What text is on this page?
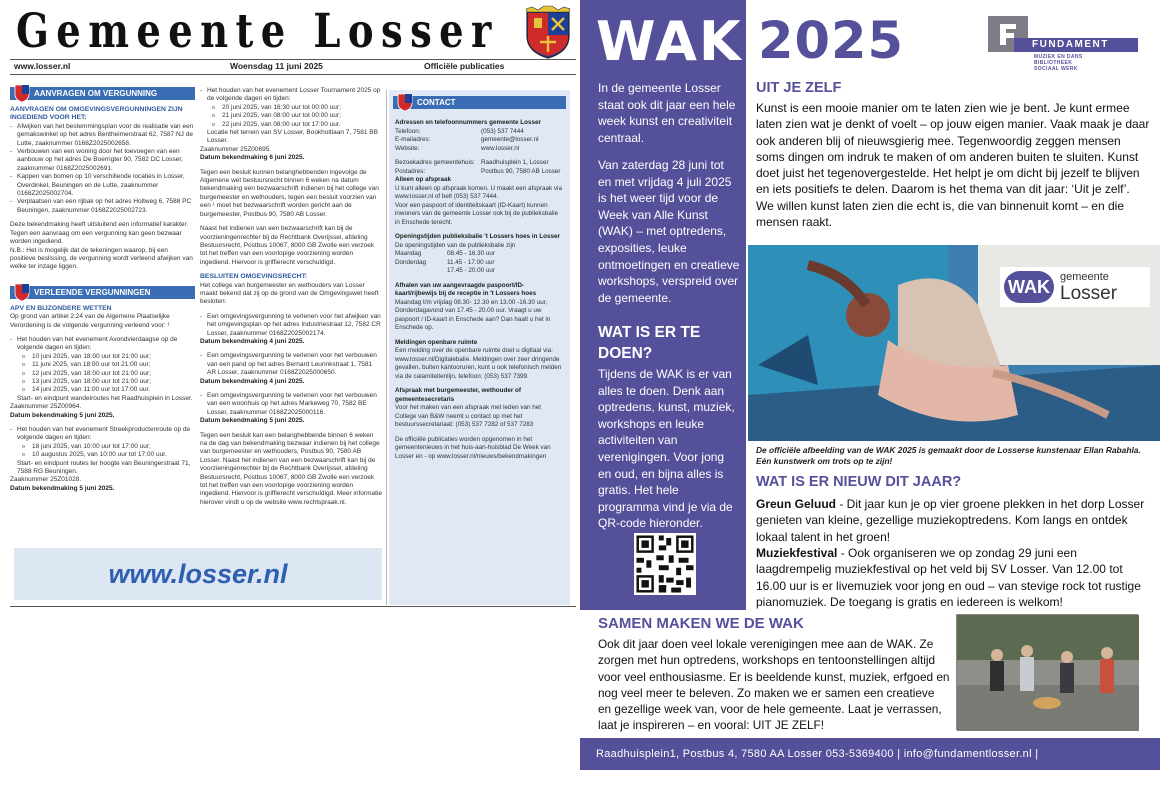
Gemeente Losser
www.losser.nl	Woensdag 11 juni 2025	Officiële publicaties
AANVRAGEN OM VERGUNNING

AANVRAGEN OM OMGEVINGSVERGUNNINGEN ZIJN INGEDIEND VOOR HET:

- Afwijken van het bestemmingsplan voor de realisatie van een gemakswinkel op het adres Bentheimerstraat 62, 7587 NJ de Lutte, zaaknummer 0168Z2025002658.

- Verbouwen van een woning door het toevoegen van een aanbouw op het adres De Boerrigter 90, 7582 DC Losser, zaaknummer 0168Z2025002691.

- Kappen van bomen op 10 verschillende locaties in Losser, Overdinkel, Beuningen en de Lutte, zaaknummer 0168Z2025002704.

- Verplaatsen van een rijbak op het adres Holtweg 6, 7588 PC Beuningen, zaaknummer 0168Z2025002723.

Deze bekendmaking heeft uitsluitend een informatief karakter. Tegen een aanvraag om een vergunning kan geen bezwaar worden ingediend.

N.B.: Het is mogelijk dat de tekeningen waarop, bij een positieve beslissing, de vergunning wordt verleend afwijken van welke ter inzage liggen.

VERLEENDE VERGUNNINGEN

APV EN BIJZONDERE WETTEN

Op grond van artikel 2:24 van de Algemene Plaatselijke Verordening is de volgende vergunning verleend voor: ¹

- Het houden van het evenement Avondvierdaagse op de volgende dagen en tijden:

o 10 juni 2025, van 18:00 uur tot 21:00 uur;

o 11 juni 2025, van 18:00 uur tot 21:00 uur;

o 12 juni 2025, van 18:00 uur tot 21:00 uur;

o 13 juni 2025, van 18:00 uur tot 21:00 uur;

o 14 juni 2025, van 11:00 uur tot 17:00 uur.

Start- en eindpunt wandelroutes het Raadhuisplein in Losser.

Zaaknummer 25Z00964.

Datum bekendmaking 5 juni 2025.

- Het houden van het evenement Streekproductenroute op de volgende dagen en tijden:

o 18 juni 2025, van 10:00 uur tot 17:00 uur;

o 10 augustus 2025, van 10:00 uur tot 17:00 uur.

Start- en eindpunt routes ter hoogte van Beuningerstraat 71, 7588 RG Beuningen.

Zaaknummer 25Z01028.

Datum bekendmaking 5 juni 2025.

- Het houden van het evenement Losser Tournament 2025 op de volgende dagen en tijden:

o 20 juni 2025, van 16:30 uur tot 00:00 uur;

o 21 juni 2025, van 08:00 uur tot 00:00 uur;

o 22 juni 2025, van 08:00 uur tot 17:00 uur.

Locatie het terrein van SV Losser, Bookholtlaan 7, 7581 BB Losser.

Zaaknummer 25Z00695.

Datum bekendmaking 6 juni 2025.

Tegen een besluit kunnen belanghebbenden ingevolge de Algemene wet bestuursrecht binnen 6 weken na datum bekendmaking een bezwaarschrift indienen bij het college van burgemeester en wethouders, tegen een besluit voorzien van een ¹ moet het bezwaarschrift worden gericht aan de burgemeester, Postbus 90, 7580 AB Losser.

Naast het indienen van een bezwaarschrift kan bij de voorzieningenrechter bij de Rechtbank Overijssel, afdeling Bestuursrecht, Postbus 10067, 8000 GB Zwolle een verzoek tot het treffen van een voorlopige voorziening worden ingediend. Hiervoor is griffierecht verschuldigd.

BESLUITEN OMGEVINGSRECHT:

Het college van burgemeester en wethouders van Losser maakt bekend dat zij op de grond van de Omgevingswet heeft besloten:

- Een omgevingsvergunning te verlenen voor het afwijken van het omgevingsplan op het adres Industriestraat 12, 7582 CR Losser, zaaknummer 0168Z2025002174.

Datum bekendmaking 4 juni 2025.

- Een omgevingsvergunning te verlenen voor het verbouwen van een pand op het adres Bernard Leurinkstraat 1, 7581 AR Losser, zaaknummer 0168Z2025000650.

Datum bekendmaking 4 juni 2025.

- Een omgevingsvergunning te verlenen voor het verbouwen van een woonhuis op het adres Markeweg 70, 7582 BE Losser, zaaknummer 0168Z2025000116.

Datum bekendmaking 5 juni 2025.

Tegen een besluit kan een belanghebbende binnen 6 weken na de dag van bekendmaking bezwaar indienen bij het college van burgemeester en wethouders, Postbus 90, 7580 AB Losser. Naast het indienen van een bezwaarschrift kan bij de voorzieningenrechter bij de Rechtbank Overijssel, afdeling Bestuursrecht, Postbus 10067, 8000 GB Zwolle een verzoek tot het treffen van een voorlopige voorziening worden ingediend. Hiervoor is griffierecht verschuldigd. Meer informatie hierover vindt u op de website www.rechtspraak.nl.

CONTACT

Adressen en telefoonnummers gemeente Losser

Telefoon:	(053) 537 7444
E-mailadres:	gemeente@losser.nl
Website:	www.losser.nl
Bezoekadres gemeentehuis: Raadhuisplein 1, Losser
Postadres:	Postbus 90, 7580 AB Losser

Alleen op afspraak

U kunt alleen op afspraak komen. U maakt een afspraak via www.losser.nl of belt (053) 537 7444.

Voor een paspoort of identiteitskaart (ID-Kaart) kunnen inwoners van de gemeente Losser ook bij de publieksbalie in Enschede terecht.

Openingstijden publieksbalie 't Lossers hoes in Losser

De openingstijden van de publieksbalie zijn

Maandag	08.45 - 16.30 uur
Donderdag	11.45 - 17.00 uur
17.45 - 20.00 uur

Afhalen van uw aangevraagde paspoort/ID-kaart/rijbewijs bij de receptie in 't Lossers hoes

Maandag t/m vrijdag 08.30- 12.30 en 13.00 -16.30 uur, Donderdagavond van 17.45 - 20.00 uur. Vraagt u uw paspoort / ID-kaart in Enschede aan? Dan haalt u het in Enschede op.

Meldingen openbare ruimte

Een melding over de openbare ruimte doet u digitaal via: www.losser.nl/Digitalebalie. Meldingen over zeer dringende gevallen, buiten kantooruren, kunt u ook telefonisch melden via de calamiteitenlijn, telefoon: (053) 537 7399.

Afspraak met burgemeester, wethouder of gemeentesecretaris

Voor het maken van een afspraak met leden van het College van B&W neemt u contact op met het bestuurssecretariaat: (053) 537 7282 of 537 7283

De officiële publicaties worden opgenomen in het gemeentenieuws in het huis-aan-huisblad De Week van Losser en - op www.losser.nl/nieuws/bekendmakingen

www.losser.nl
WAK 2025	FUNDAMENT
MUZIEK EN DANS
BIBLIOTHEEK
SOCIAAL WERK
In de gemeente Losser staat ook dit jaar een hele week kunst en creativiteit centraal.
Van zaterdag 28 juni tot en met vrijdag 4 juli 2025 is het weer tijd voor de Week van Alle Kunst (WAK) – met optredens, exposities, leuke ontmoetingen en creatieve workshops, verspreid over de gemeente.
WAT IS ER TE DOEN?
Tijdens de WAK is er van alles te doen. Denk aan optredens, kunst, muziek, workshops en leuke activiteiten van verenigingen. Voor jong en oud, en bijna alles is gratis. Het hele programma vind je via de QR-code hieronder.
UIT JE ZELF
Kunst is een mooie manier om te laten zien wie je bent. Je kunt ermee laten zien wat je denkt of voelt – op jouw eigen manier. Vaak maak je daar ook anderen blij of nieuwsgierig mee. Tegenwoordig zeggen mensen soms dingen om indruk te maken of om anderen buiten te sluiten. Kunst doet juist het tegenovergestelde. Het helpt je om dicht bij jezelf te blijven en iets positiefs te delen. Daarom is het thema van dit jaar: ‘Uit je zelf’. We willen kunst laten zien die echt is, die van binnenuit komt – en die mensen raakt.
WAK gemeente
Losser
De officiële afbeelding van de WAK 2025 is gemaakt door de Losserse kunstenaar Ellan Rabahla. Eén kunstwerk om trots op te zijn!
WAT IS ER NIEUW DIT JAAR?
Greun Geluud - Dit jaar kun je op vier groene plekken in het dorp Losser genieten van kleine, gezellige muziekoptredens. Kom langs en ontdek lokaal talent in het groen!
Muziekfestival - Ook organiseren we op zondag 29 juni een laagdrempelig muziekfestival op het veld bij SV Losser. Van 12.00 tot 16.00 uur is er livemuziek voor jong en oud – van stevige rock tot rustige pianomuziek. De toegang is gratis en iedereen is welkom!
SAMEN MAKEN WE DE WAK
Ook dit jaar doen veel lokale verenigingen mee aan de WAK. Ze zorgen met hun optredens, workshops en tentoonstellingen altijd voor veel enthousiasme. Er is beeldende kunst, muziek, erfgoed en nog veel meer te beleven. Zo maken we er samen een creatieve en gezellige week van, voor de hele gemeente. Laat je verrassen, laat je inspireren – en vooral: UIT JE ZELF!
Raadhuisplein1, Postbus 4, 7580 AA Losser 053-5369400 | info@fundamentlosser.nl | www.fundamentlosser.nl
